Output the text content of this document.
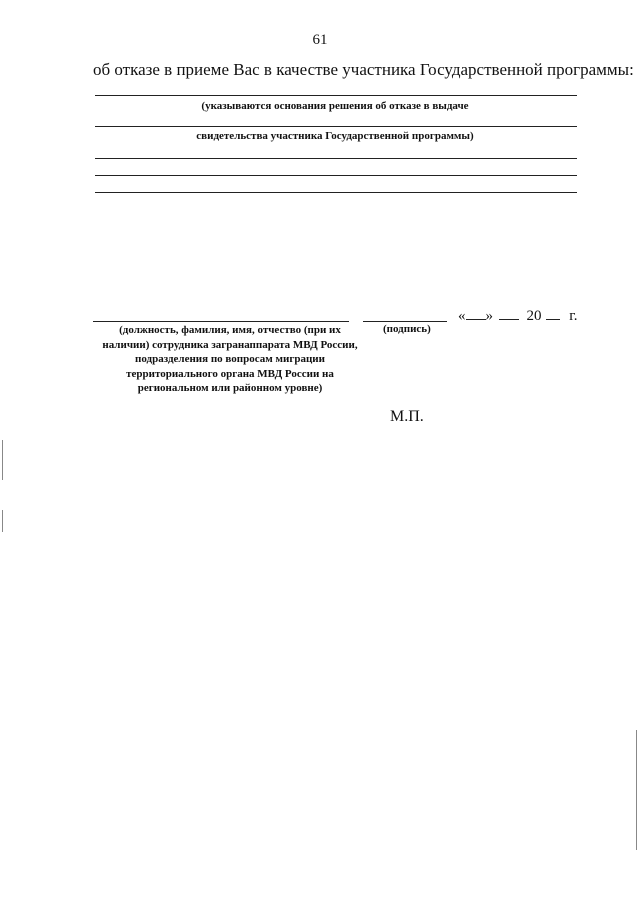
61
об отказе в приеме Вас в качестве участника Государственной программы:
(указываются основания решения об отказе в выдаче
свидетельства участника Государственной программы)
(должность, фамилия, имя, отчество (при их наличии) сотрудника загранаппарата МВД России, подразделения по вопросам миграции территориального органа МВД России на региональном или районном уровне)
(подпись)
« » 20 г.
М.П.
